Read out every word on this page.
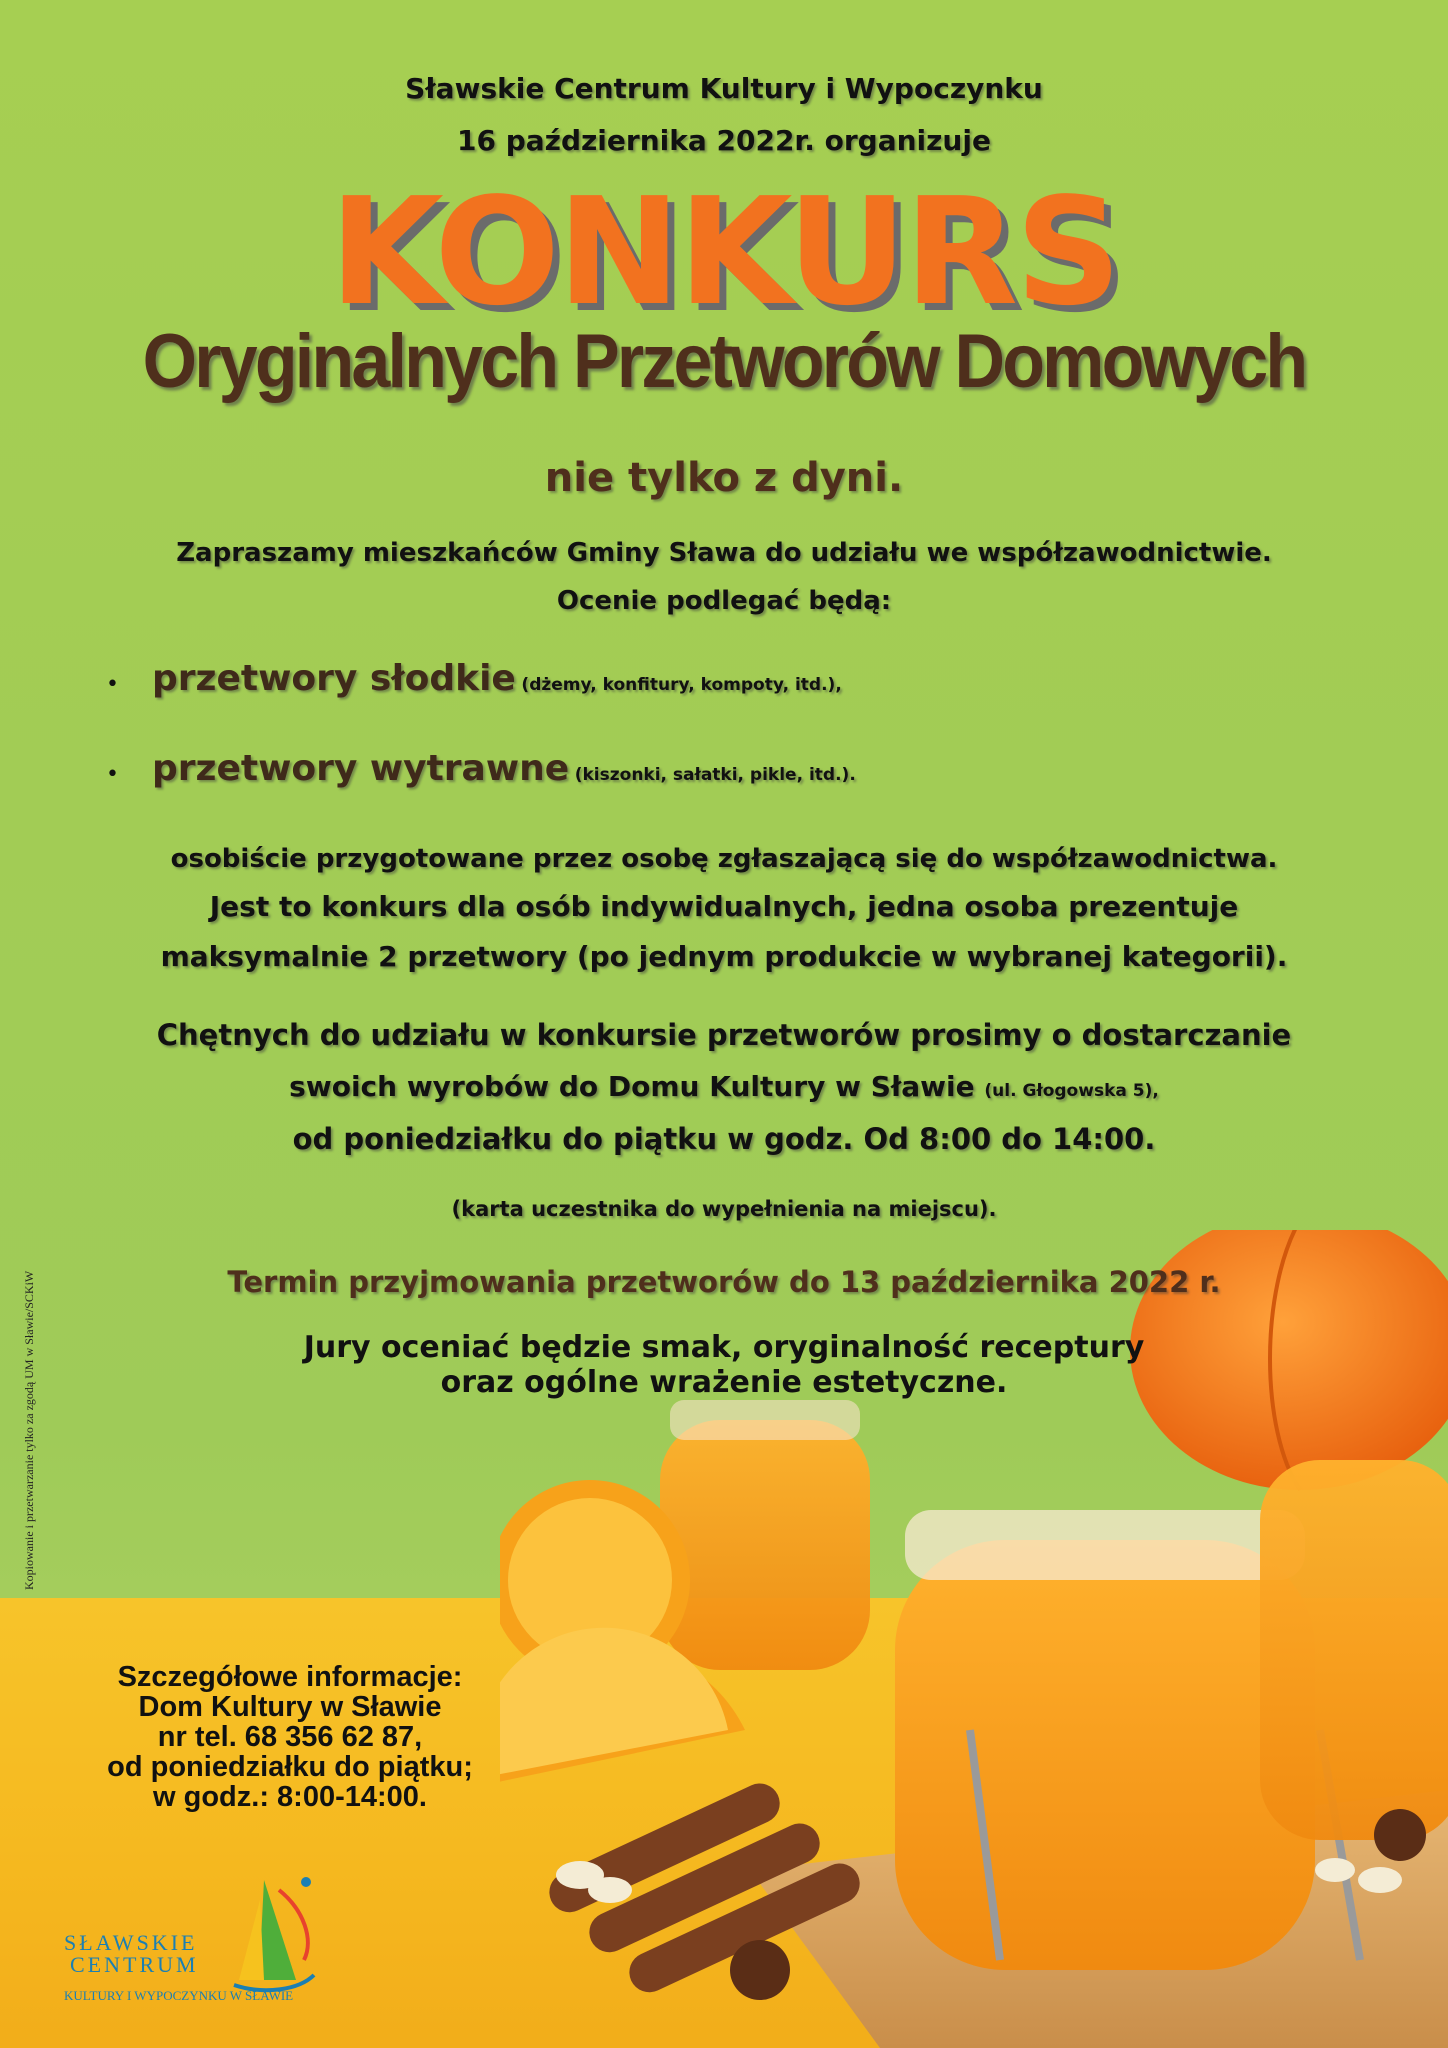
Sławskie Centrum Kultury i Wypoczynku

16 października 2022r. organizuje

KONKURS
Oryginalnych Przetworów Domowych

nie tylko z dyni.

Zapraszamy mieszkańców Gminy Sława do udziału we współzawodnictwie.

Ocenie podlegać będą:

• przetwory słodkie (dżemy, konfitury, kompoty, itd.),

• przetwory wytrawne (kiszonki, sałatki, pikle, itd.).

osobiście przygotowane przez osobę zgłaszającą się do współzawodnictwa.

Jest to konkurs dla osób indywidualnych, jedna osoba prezentuje

maksymalnie 2 przetwory (po jednym produkcie w wybranej kategorii).

Chętnych do udziału w konkursie przetworów prosimy o dostarczanie

swoich wyrobów do Domu Kultury w Sławie (ul. Głogowska 5),

od poniedziałku do piątku w godz. Od 8:00 do 14:00.

(karta uczestnika do wypełnienia na miejscu).

Termin przyjmowania przetworów do 13 października 2022 r.

Jury oceniać będzie smak, oryginalność receptury

oraz ogólne wrażenie estetyczne.

Szczegółowe informacje:
Dom Kultury w Sławie
nr tel. 68 356 62 87,
od poniedziałku do piątku;
w godz.: 8:00-14:00.
Kopiowanie i przetwarzanie tylko za zgodą UM w Sławie/SCKiW
SŁAWSKIE
CENTRUM
KULTURY I WYPOCZYNKU W SŁAWIE
